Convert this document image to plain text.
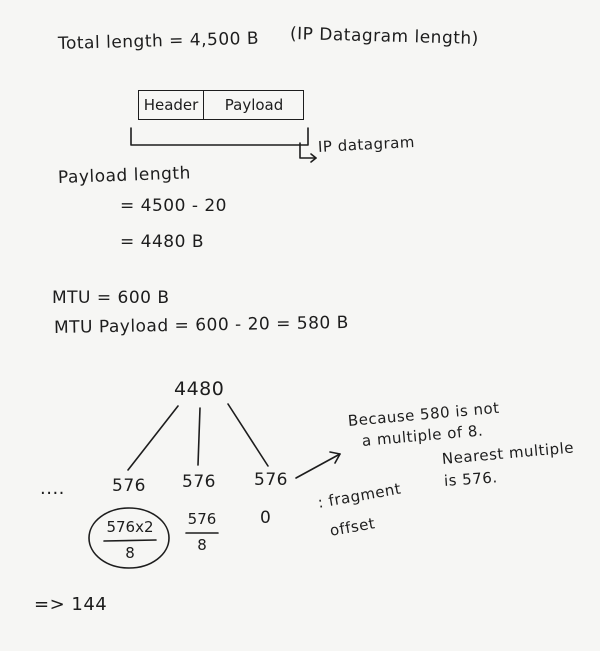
Total length = 4,500 B (IP Datagram length)
Header	Payload
IP datagram
Payload length
= 4500 - 20
= 4480 B
MTU = 600 B
MTU Payload = 600 - 20 = 580 B
4480
....	576 576 576
576x2
8
576
8
0
: fragment
offset
Because 580 is not
a multiple of 8.
Nearest multiple
is 576.
=> 144
